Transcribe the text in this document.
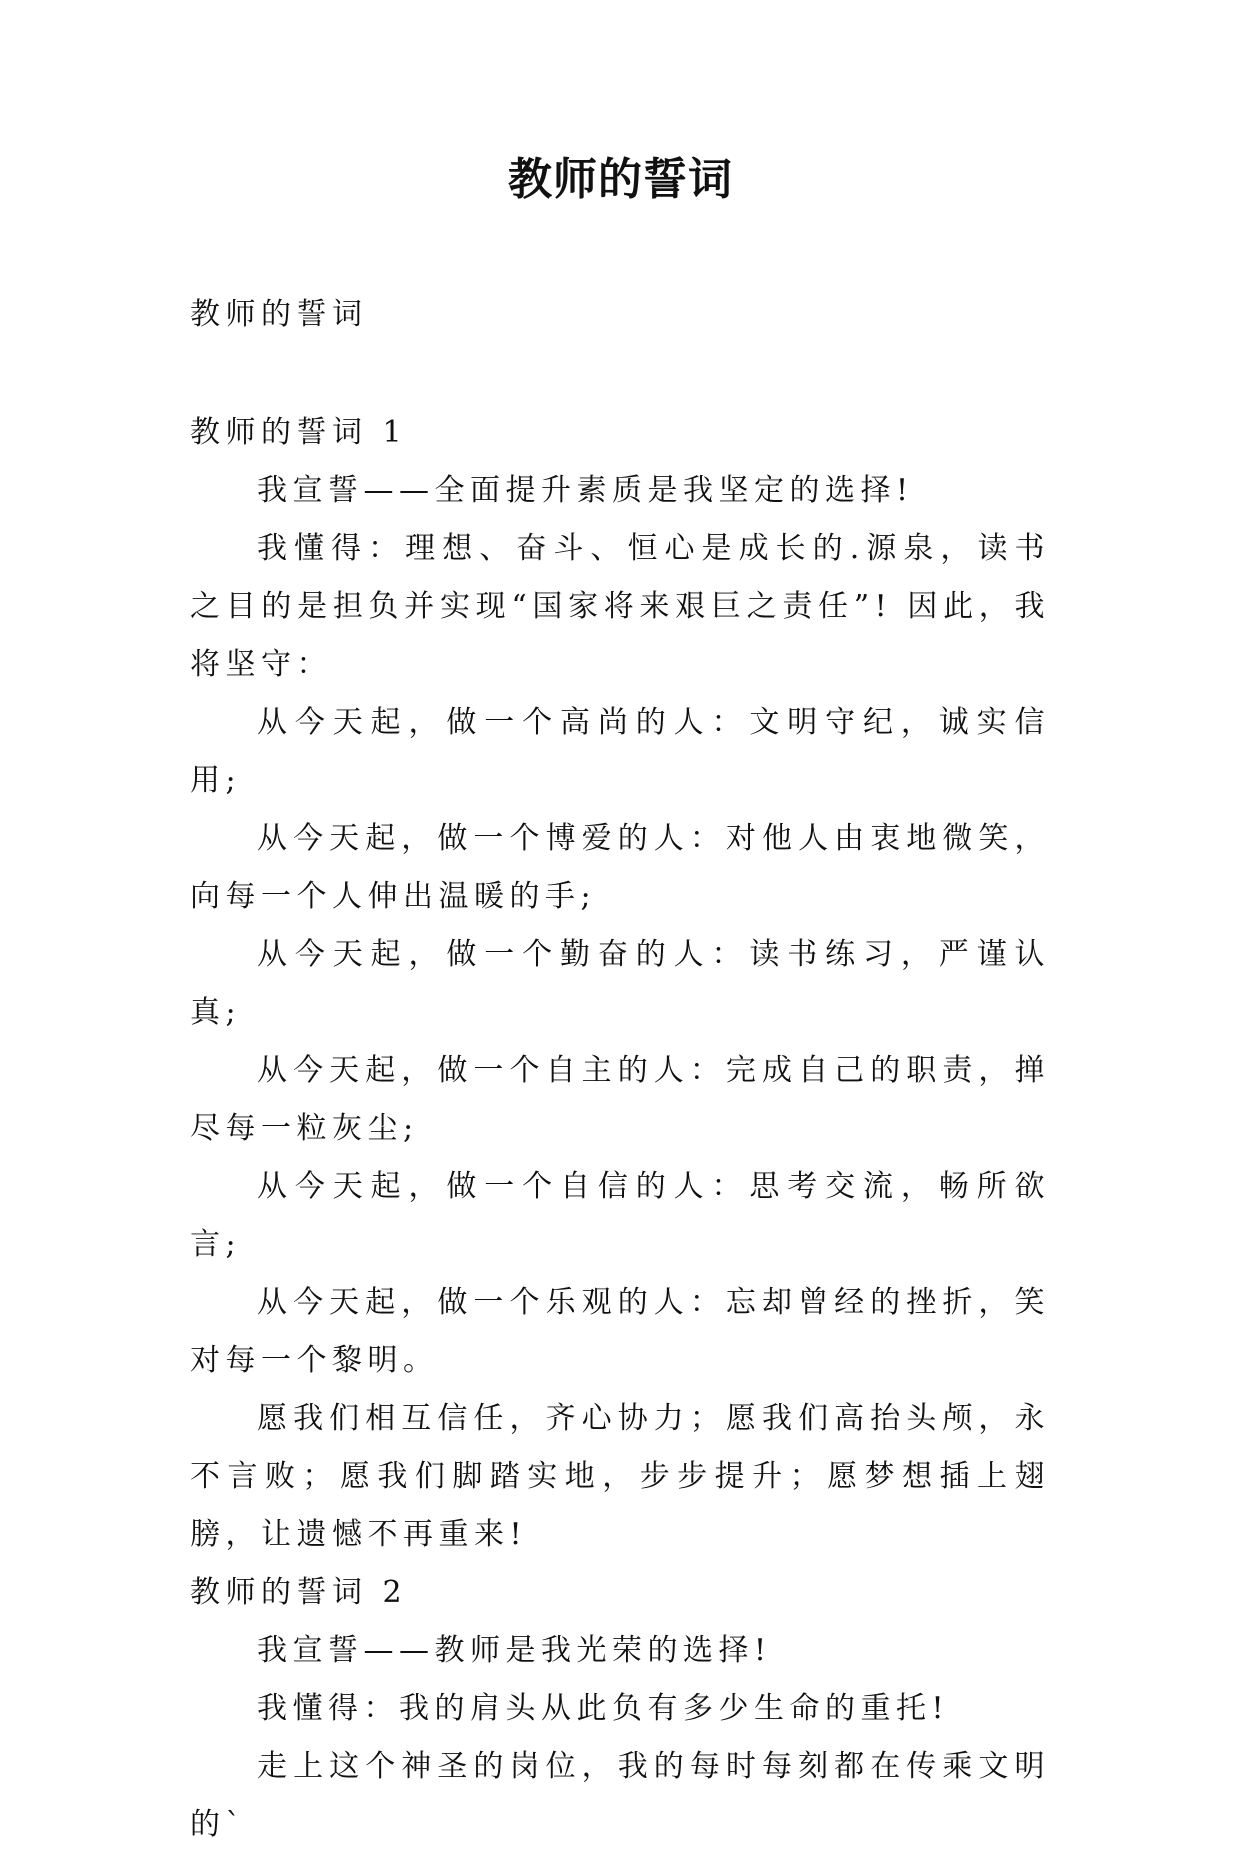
教师的誓词
教师的誓词

教师的誓词 1

我宣誓——全面提升素质是我坚定的选择!

我懂得：理想、奋斗、恒心是成长的.源泉，读书之目的是担负并实现“国家将来艰巨之责任”! 因此，我将坚守：

从今天起，做一个高尚的人：文明守纪，诚实信用;

从今天起，做一个博爱的人：对他人由衷地微笑，向每一个人伸出温暖的手;

从今天起，做一个勤奋的人：读书练习，严谨认真;

从今天起，做一个自主的人：完成自己的职责，掸尽每一粒灰尘;

从今天起，做一个自信的人：思考交流，畅所欲言;

从今天起，做一个乐观的人：忘却曾经的挫折，笑对每一个黎明。

愿我们相互信任，齐心协力；愿我们高抬头颅，永不言败；愿我们脚踏实地，步步提升；愿梦想插上翅膀，让遗憾不再重来!

教师的誓词 2

我宣誓——教师是我光荣的选择!

我懂得：我的肩头从此负有多少生命的重托!

走上这个神圣的岗位，我的每时每刻都在传乘文明的`
